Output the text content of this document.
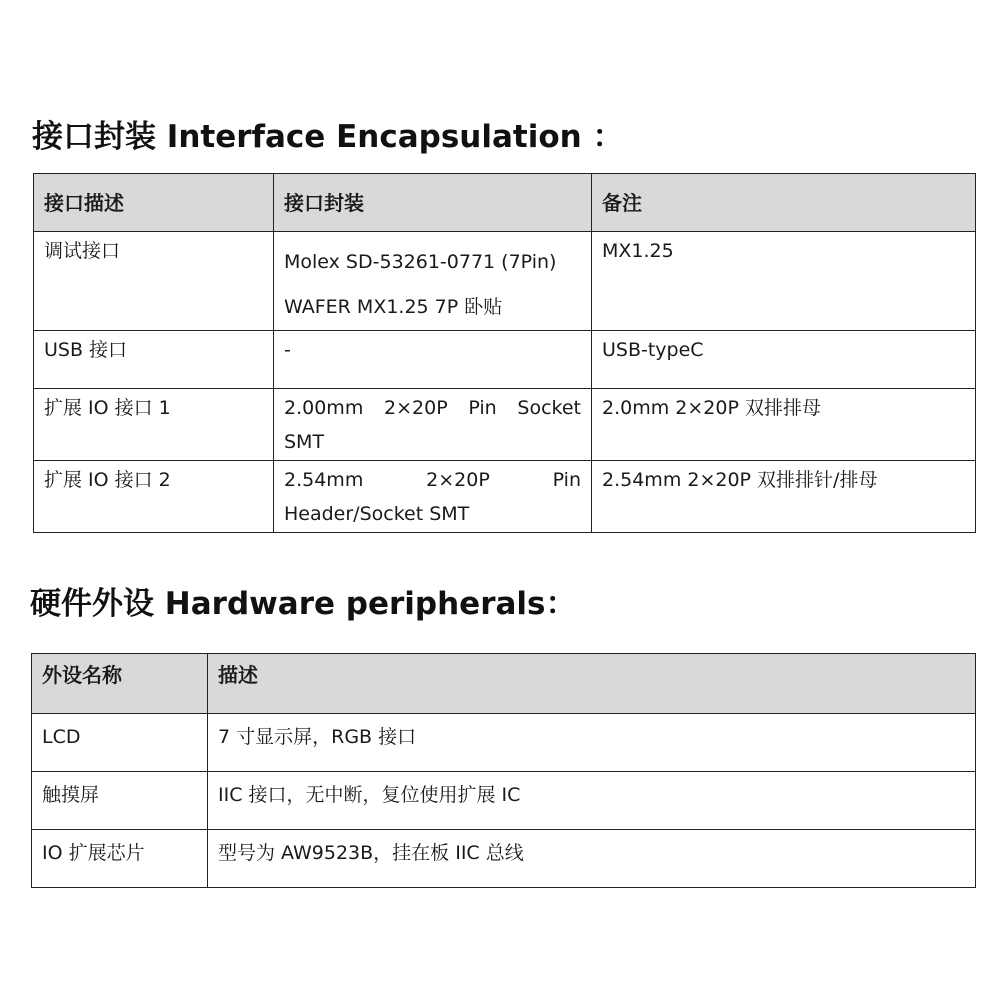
接口封装 Interface Encapsulation ：
接口描述	接口封装	备注
调试接口	Molex SD-53261-0771 (7Pin) WAFER MX1.25 7P 卧贴	MX1.25
USB 接口	-	USB-typeC
扩展 IO 接口 1	2.00mm 2×20P Pin Socket SMT	2.0mm 2×20P 双排排母
扩展 IO 接口 2	2.54mm 2×20P Pin Header/Socket SMT	2.54mm 2×20P 双排排针/排母
硬件外设 Hardware peripherals：
外设名称	描述
LCD	7 寸显示屏，RGB 接口
触摸屏	IIC 接口，无中断，复位使用扩展 IC
IO 扩展芯片	型号为 AW9523B，挂在板 IIC 总线
